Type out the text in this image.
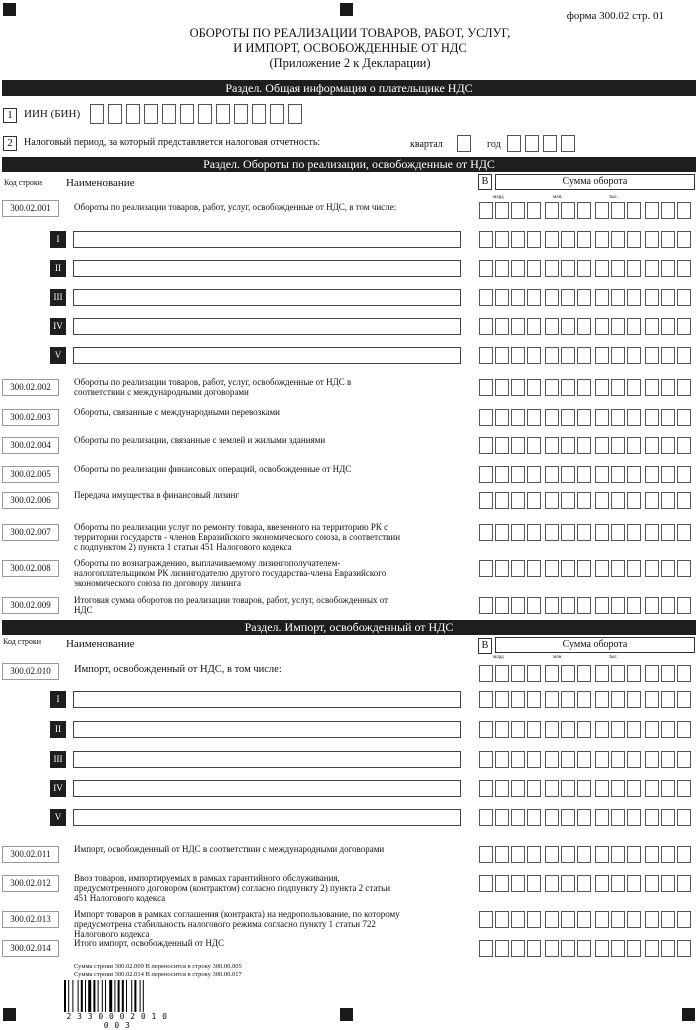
форма 300.02 стр. 01
ОБОРОТЫ ПО РЕАЛИЗАЦИИ ТОВАРОВ, РАБОТ, УСЛУГ,
И ИМПОРТ, ОСВОБОЖДЕННЫЕ ОТ НДС
(Приложение 2 к Декларации)
Раздел. Общая информация о плательщике НДС
1	ИИН (БИН)
2	Налоговый период, за который представляется налоговая отчетность:	квартал	год
Раздел. Обороты по реализации, освобожденные от НДС
Код строки Наименование	В	Сумма оборота
млрд	млн.	тыс.
300.02.001	Обороты по реализации товаров, работ, услуг, освобожденные от НДС, в том числе:
I
II
III
IV
V
300.02.002	Обороты по реализации товаров, работ, услуг, освобожденные от НДС в соответствии с международными договорами
300.02.003	Обороты, связанные с международными перевозками
300.02.004	Обороты по реализации, связанные с землей и жилыми зданиями
300.02.005	Обороты по реализации финансовых операций, освобожденные от НДС
300.02.006	Передача имущества в финансовый лизинг
300.02.007	Обороты по реализации услуг по ремонту товара, ввезенного на территорию РК с территории государств - членов Евразийского экономического союза, в соответствии с подпунктом 2) пункта 1 статьи 451 Налогового кодекса
300.02.008	Обороты по вознаграждению, выплачиваемому лизингополучателем-налогоплательщиком РК лизингодателю другого государства-члена Евразийского экономического союза по договору лизинга
300.02.009	Итоговая сумма оборотов по реализации товаров, работ, услуг, освобожденных от НДС
Раздел. Импорт, освобожденный от НДС
Код строки Наименование	В	Сумма оборота
млрд	млн.	тыс.
300.02.010	Импорт, освобожденный от НДС, в том числе:
I
II
III
IV
V
300.02.011	Импорт, освобожденный от НДС в соответствии с международными договорами
300.02.012	Ввоз товаров, импортируемых в рамках гарантийного обслуживания, предусмотренного договором (контрактом) согласно подпункту 2) пункта 2 статьи 451 Налогового кодекса
300.02.013	Импорт товаров в рамках соглашения (контракта) на недропользование, по которому предусмотрена стабильность налогового режима согласно пункту 1 статьи 722 Налогового кодекса
300.02.014	Итого импорт, освобожденный от НДС
Сумма строки 300.02.009 В переносится в строку 300.00.005
Сумма строки 300.02.014 В переносится в строку 300.00.017
2 3 3 0 0 0 2 0 1 0 0 0 3
